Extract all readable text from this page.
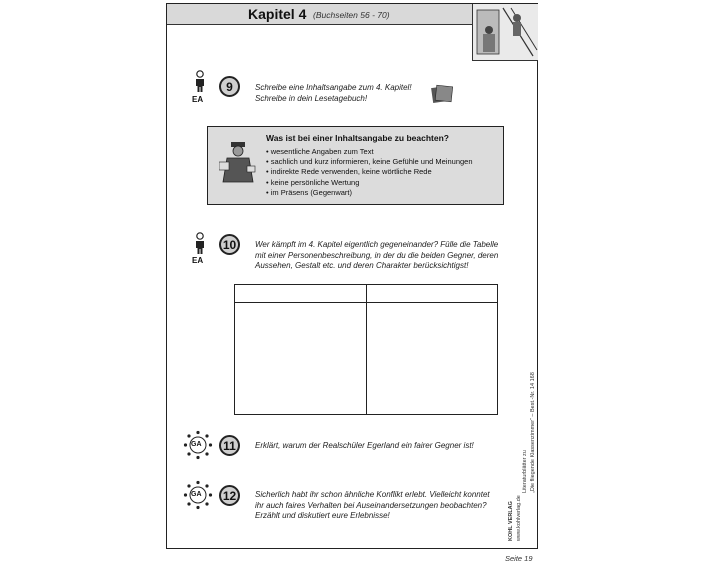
Kapitel 4 (Buchseiten 56 - 70)
EA
9	Schreibe eine Inhaltsangabe zum 4. Kapitel!
Schreibe in dein Lesetagebuch!
Was ist bei einer Inhaltsangabe zu beachten?
• wesentliche Angaben zum Text
• sachlich und kurz informieren, keine Gefühle und Meinungen
• indirekte Rede verwenden, keine wörtliche Rede
• keine persönliche Wertung
• im Präsens (Gegenwart)
EA
10	Wer kämpft im 4. Kapitel eigentlich gegeneinander? Fülle die Tabelle
mit einer Personenbeschreibung, in der du die beiden Gegner, deren
Aussehen, Gestalt etc. und deren Charakter berücksichtigst!
GA	11	Erklärt, warum der Realschüler Egerland ein fairer Gegner ist!
GA	12	Sicherlich habt ihr schon ähnliche Konflikt erlebt. Vielleicht konntet
ihr auch faires Verhalten bei Auseinandersetzungen beobachten?
Erzählt und diskutiert eure Erlebnisse!
Literaturblätter zu „Die fliegende Klassenzimmer“ – Best.-Nr. 14 168
KOHL VERLAG www.kohlverlag.de
Seite 19
